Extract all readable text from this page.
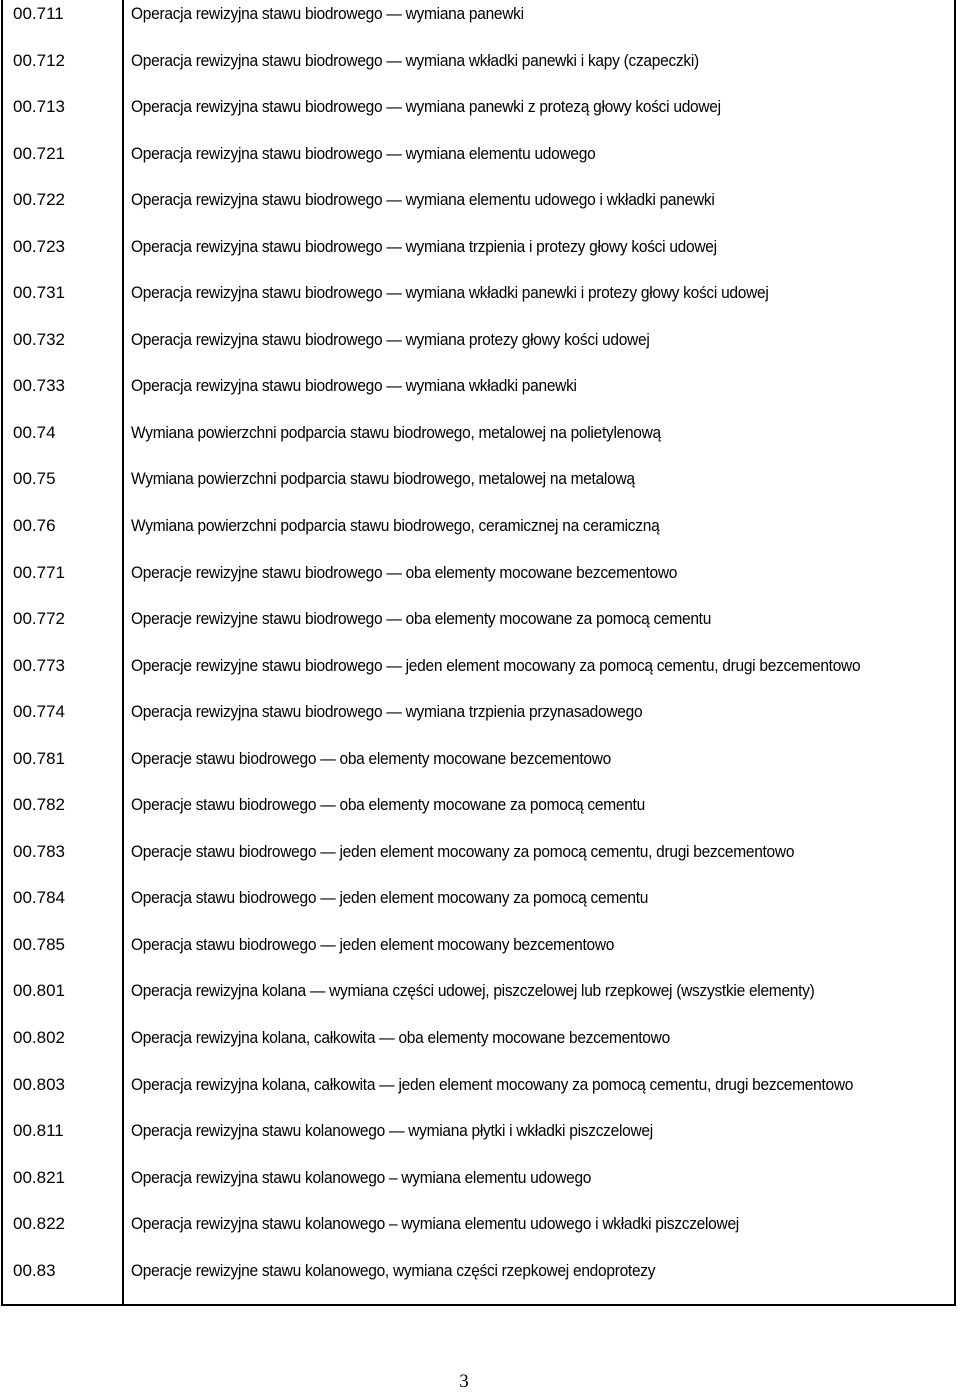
00.711	Operacja rewizyjna stawu biodrowego — wymiana panewki
00.712	Operacja rewizyjna stawu biodrowego — wymiana wkładki panewki i kapy (czapeczki)
00.713	Operacja rewizyjna stawu biodrowego — wymiana panewki z protezą głowy kości udowej
00.721	Operacja rewizyjna stawu biodrowego — wymiana elementu udowego
00.722	Operacja rewizyjna stawu biodrowego — wymiana elementu udowego i wkładki panewki
00.723	Operacja rewizyjna stawu biodrowego — wymiana trzpienia i protezy głowy kości udowej
00.731	Operacja rewizyjna stawu biodrowego — wymiana wkładki panewki i protezy głowy kości udowej
00.732	Operacja rewizyjna stawu biodrowego — wymiana protezy głowy kości udowej
00.733	Operacja rewizyjna stawu biodrowego — wymiana wkładki panewki
00.74	Wymiana powierzchni podparcia stawu biodrowego, metalowej na polietylenową
00.75	Wymiana powierzchni podparcia stawu biodrowego, metalowej na metalową
00.76	Wymiana powierzchni podparcia stawu biodrowego, ceramicznej na ceramiczną
00.771	Operacje rewizyjne stawu biodrowego — oba elementy mocowane bezcementowo
00.772	Operacje rewizyjne stawu biodrowego — oba elementy mocowane za pomocą cementu
00.773	Operacje rewizyjne stawu biodrowego — jeden element mocowany za pomocą cementu, drugi bezcementowo
00.774	Operacja rewizyjna stawu biodrowego — wymiana trzpienia przynasadowego
00.781	Operacje stawu biodrowego — oba elementy mocowane bezcementowo
00.782	Operacje stawu biodrowego — oba elementy mocowane za pomocą cementu
00.783	Operacje stawu biodrowego — jeden element mocowany za pomocą cementu, drugi bezcementowo
00.784	Operacja stawu biodrowego — jeden element mocowany za pomocą cementu
00.785	Operacja stawu biodrowego — jeden element mocowany bezcementowo
00.801	Operacja rewizyjna kolana — wymiana części udowej, piszczelowej lub rzepkowej (wszystkie elementy)
00.802	Operacja rewizyjna kolana, całkowita — oba elementy mocowane bezcementowo
00.803	Operacja rewizyjna kolana, całkowita — jeden element mocowany za pomocą cementu, drugi bezcementowo
00.811	Operacja rewizyjna stawu kolanowego — wymiana płytki i wkładki piszczelowej
00.821	Operacja rewizyjna stawu kolanowego – wymiana elementu udowego
00.822	Operacja rewizyjna stawu kolanowego – wymiana elementu udowego i wkładki piszczelowej
00.83	Operacje rewizyjne stawu kolanowego, wymiana części rzepkowej endoprotezy
3
